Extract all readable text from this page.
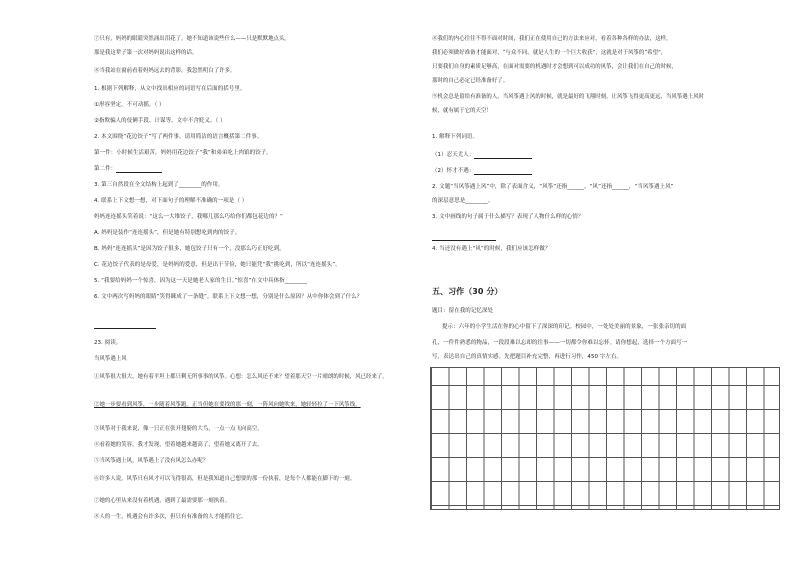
⑦只有，妈妈的眼睛突然涌出泪花了。她不知道该说些什么——只是默默地点头。
那是我这辈子第一次对妈妈说出这样的话。
⑧当我站在窗前看着妈妈远去的背影，我忽然明白了许多。
1. 根据下列解释，从文中找出相应的词语写在后面的括号里。
①形容坚定，不可动摇。（ ）
②指欺骗人的伎俩手段、计谋等。文中不含贬义。（ ）
2. 本文围绕“花边饺子”写了两件事。请用简洁的语言概括第二件事。
第一件：小时候生活艰苦，妈妈用花边饺子“我”和弟弟吃上肉馅的饺子。
第二件：
3. 第三自然段在全文结构上起到了________的作用。
4. 联系上下文想一想，对下面句子的理解不准确的一项是（ ）
妈妈连连摇头笑着说：“这么一大堆饺子，我哪儿那么巧给你们都包花边的？”
A. 妈妈是装作“连连摇头”，但是她有特别想吃到肉的饺子。
B. 妈妈“连连摇头”是因为饺子很多，她包饺子只有一个，没那么巧正好吃到。
C. 花边饺子代表的是母爱，是妈妈的爱意，但是出于节俭，她只能凭“我”挑吃到，所以“连连摇头”。
5. “我要给妈妈一个惊喜，因为这一天是她老人家的生日。”惊喜”在文中具体指________
6. 文中两次写妈妈的眼睛“笑得眯成了一条缝”。联系上下文想一想，分别是什么原因？从中你体会到了什么？
23. 阅读。
当风筝遇上风
①风筝很大很大，她有着平坦上都只剩无所事事的风筝。心想：怎么风还不来？望着那天空一片晴朗的时候，风已经来了。
②她一步要看到风筝，一步随着风筝跑。正当但她在要找的那一刻，一阵风向她吹来，她轻轻拉了一下风筝线。
③风筝对于我来说，像一只正在张开翅膀的大鸟，一点一点飞向高空。
④看着她的笑容，我才发现，望着她越来越高了，望着她又离开了去。
⑤当风筝遇上风，风筝遇上了没有风怎么办呢？
⑥许多人说，风筝只有风才可以飞得很高，但是我知道自己想要的那一份执着，是每个人都能在脚下的一刻。
⑦她的心里从来没有着机遇，遇到了最需要那一刻执着。
⑧人的一生，机遇会有许多次，但只有有准备的人才能抓住它。
⑧我们的内心往往不得不面对时间，我们正在使用自己的方法来应对，看着各种各样的办法，这样，
我们必须做好准备才能面对，“与众不同，就是人生的一个巨大收获”，这就是对于风筝的“希望”，
只要我们自身的素质足够高，在面对需要的机遇时才会想到可以成功的风筝，会让我们在自己的时候，
那时的自己必定已经准备好了。
⑨机会总是留给有准备的人，当风筝遇上风的时候，就是最好的飞翔时刻。让风筝飞得更高更远，当风筝遇上风时
候，就有属于它的天空！
1. 解释下列词语。
（1）忍天尤人：
（2）怀才不遇：
2. 文题“当风筝遇上风”中，除了表面含义，“风筝”还指______，“风”还指______，“当风筝遇上风”
的深层意思是________。
3. 文中画线的句子属于什么描写？表现了人物什么样的心情？
4. 当还没有遇上“风”的时候，我们应该怎样做？
五、习作（30 分）
题目：留在我的记忆深处
提示：六年的小学生活在你的心中留下了深深的印记。校园中，一处处美丽的景象，一张张亲切的面
孔，一件件熟悉的物品，一段段难以忘却的往事——一切都令你难以忘怀。请你想起，选择一个方面写一
写，表达出自己的真情实感。先把题目补充完整，再进行习作，450 字左右。
